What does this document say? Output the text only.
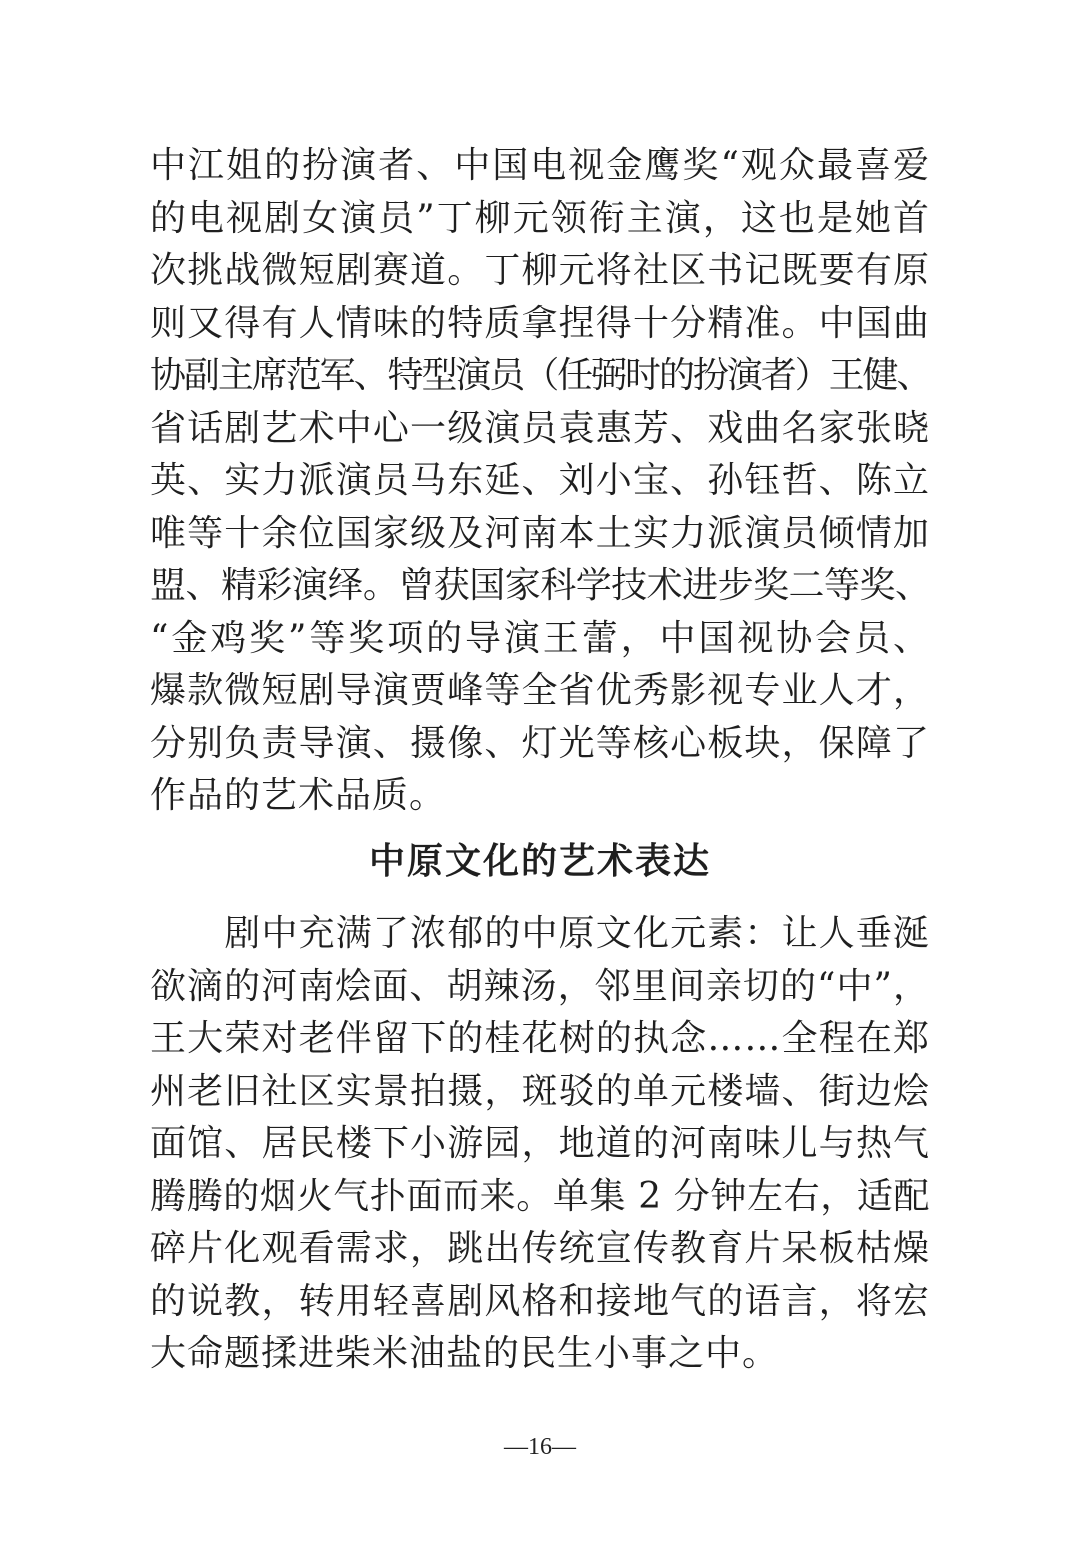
中江姐的扮演者、中国电视金鹰奖“观众最喜爱
的电视剧女演员”丁柳元领衔主演，这也是她首
次挑战微短剧赛道。丁柳元将社区书记既要有原
则又得有人情味的特质拿捏得十分精准。中国曲
协副主席范军、特型演员（任弼时的扮演者）王健、
省话剧艺术中心一级演员袁惠芳、戏曲名家张晓
英、实力派演员马东延、刘小宝、孙钰哲、陈立
唯等十余位国家级及河南本土实力派演员倾情加
盟、精彩演绎。曾获国家科学技术进步奖二等奖、
“金鸡奖”等奖项的导演王蕾，中国视协会员、
爆款微短剧导演贾峰等全省优秀影视专业人才，
分别负责导演、摄像、灯光等核心板块，保障了
作品的艺术品质。
中原文化的艺术表达
　　剧中充满了浓郁的中原文化元素：让人垂涎
欲滴的河南烩面、胡辣汤，邻里间亲切的“中”，
王大荣对老伴留下的桂花树的执念……全程在郑
州老旧社区实景拍摄，斑驳的单元楼墙、街边烩
面馆、居民楼下小游园，地道的河南味儿与热气
腾腾的烟火气扑面而来。单集 2 分钟左右，适配
碎片化观看需求，跳出传统宣传教育片呆板枯燥
的说教，转用轻喜剧风格和接地气的语言，将宏
大命题揉进柴米油盐的民生小事之中。
—16—
